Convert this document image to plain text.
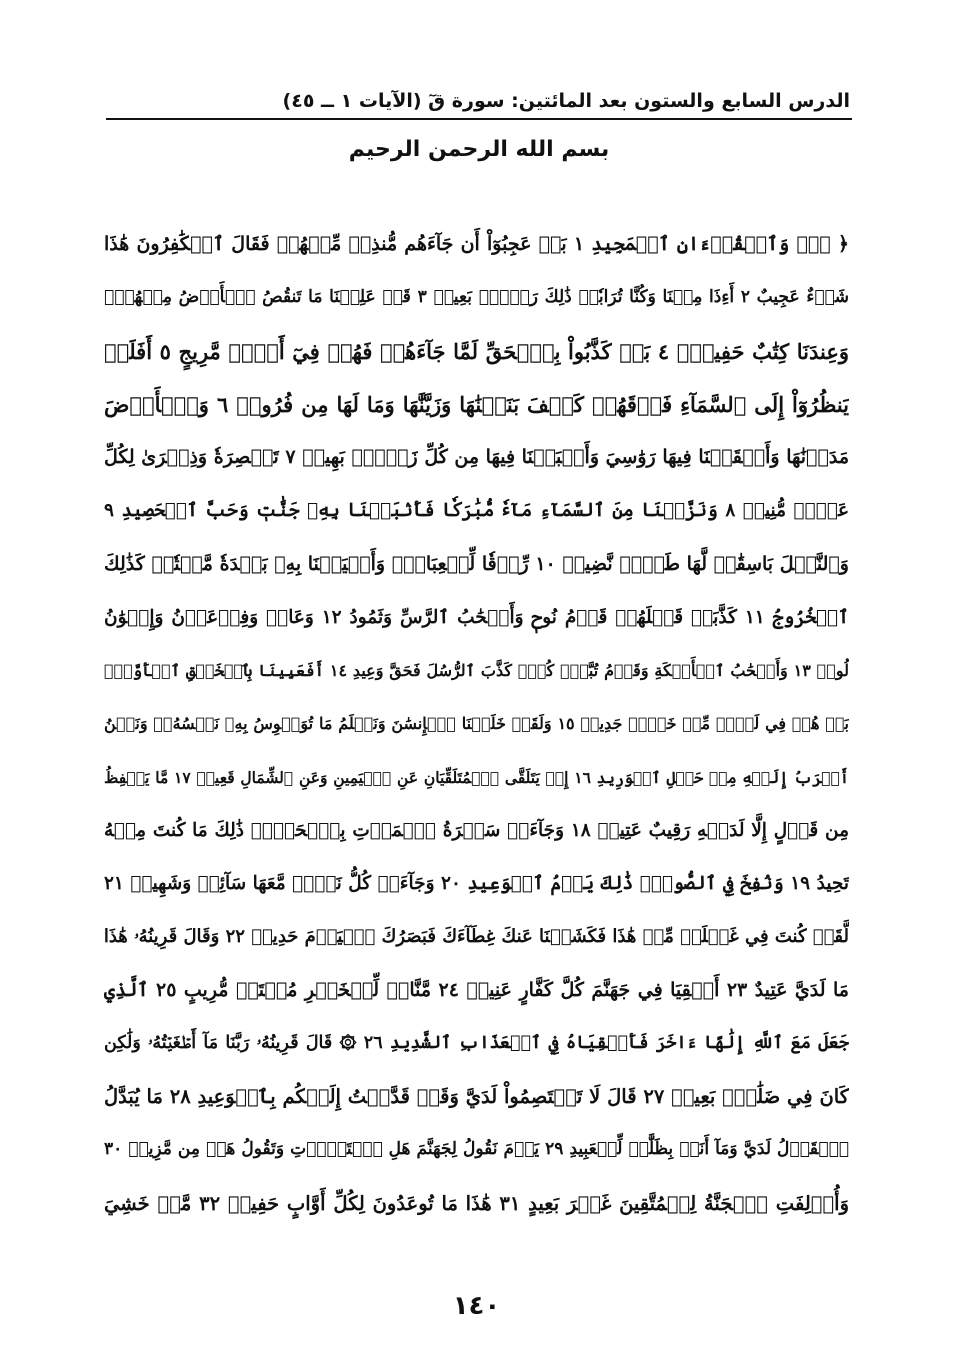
الدرس السابع والستون بعد المائتين: سورة قٓ (الآيات ١ ــ ٤٥)
بسم الله الرحمن الرحيم
﴿ قٓۚ وَٱلۡقُرۡءَانِ ٱلۡمَجِيدِ ١ بَلۡ عَجِبُوٓاْ أَن جَآءَهُم مُّنذِرٞ مِّنۡهُمۡ فَقَالَ ٱلۡكَٰفِرُونَ هَٰذَا
شَيۡءٌ عَجِيبٌ ٢ أَءِذَا مِتۡنَا وَكُنَّا تُرَابٗاۖ ذَٰلِكَ رَجۡعُۢ بَعِيدٞ ٣ قَدۡ عَلِمۡنَا مَا تَنقُصُ ٱلۡأَرۡضُ مِنۡهُمۡۖ
وَعِندَنَا كِتَٰبٌ حَفِيظُۢ ٤ بَلۡ كَذَّبُواْ بِٱلۡحَقِّ لَمَّا جَآءَهُمۡ فَهُمۡ فِيٓ أَمۡرٖ مَّرِيجٍ ٥ أَفَلَمۡ
يَنظُرُوٓاْ إِلَى ٱلسَّمَآءِ فَوۡقَهُمۡ كَيۡفَ بَنَيۡنَٰهَا وَزَيَّنَّٰهَا وَمَا لَهَا مِن فُرُوجٖ ٦ وَٱلۡأَرۡضَ
مَدَدۡنَٰهَا وَأَلۡقَيۡنَا فِيهَا رَوَٰسِيَ وَأَنۢبَتۡنَا فِيهَا مِن كُلِّ زَوۡجِۢ بَهِيجٖ ٧ تَبۡصِرَةٗ وَذِكۡرَىٰ لِكُلِّ
عَبۡدٖ مُّنِيبٖ ٨ وَنَزَّلۡنَا مِنَ ٱلسَّمَآءِ مَآءٗ مُّبَٰرَكٗا فَأَنۢبَتۡنَا بِهِۦ جَنَّٰتٖ وَحَبَّ ٱلۡحَصِيدِ ٩
وَٱلنَّخۡلَ بَاسِقَٰتٖ لَّهَا طَلۡعٞ نَّضِيدٞ ١٠ رِّزۡقٗا لِّلۡعِبَادِۖ وَأَحۡيَيۡنَا بِهِۦ بَلۡدَةٗ مَّيۡتٗاۚ كَذَٰلِكَ
ٱلۡخُرُوجُ ١١ كَذَّبَتۡ قَبۡلَهُمۡ قَوۡمُ نُوحٖ وَأَصۡحَٰبُ ٱلرَّسِّ وَثَمُودُ ١٢ وَعَادٞ وَفِرۡعَوۡنُ وَإِخۡوَٰنُ
لُوطٖ ١٣ وَأَصۡحَٰبُ ٱلۡأَيۡكَةِ وَقَوۡمُ تُبَّعٖۚ كُلّٞ كَذَّبَ ٱلرُّسُلَ فَحَقَّ وَعِيدِ ١٤ أَفَعَيِينَا بِٱلۡخَلۡقِ ٱلۡأَوَّلِۚ
بَلۡ هُمۡ فِي لَبۡسٖ مِّنۡ خَلۡقٖ جَدِيدٖ ١٥ وَلَقَدۡ خَلَقۡنَا ٱلۡإِنسَٰنَ وَنَعۡلَمُ مَا تُوَسۡوِسُ بِهِۦ نَفۡسُهُۥۖ وَنَحۡنُ
أَقۡرَبُ إِلَيۡهِ مِنۡ حَبۡلِ ٱلۡوَرِيدِ ١٦ إِذۡ يَتَلَقَّى ٱلۡمُتَلَقِّيَانِ عَنِ ٱلۡيَمِينِ وَعَنِ ٱلشِّمَالِ قَعِيدٞ ١٧ مَّا يَلۡفِظُ
مِن قَوۡلٍ إِلَّا لَدَيۡهِ رَقِيبٌ عَتِيدٞ ١٨ وَجَآءَتۡ سَكۡرَةُ ٱلۡمَوۡتِ بِٱلۡحَقِّۖ ذَٰلِكَ مَا كُنتَ مِنۡهُ
تَحِيدُ ١٩ وَنُفِخَ فِي ٱلصُّورِۚ ذَٰلِكَ يَوۡمُ ٱلۡوَعِيدِ ٢٠ وَجَآءَتۡ كُلُّ نَفۡسٖ مَّعَهَا سَآئِقٞ وَشَهِيدٞ ٢١
لَّقَدۡ كُنتَ فِي غَفۡلَةٖ مِّنۡ هَٰذَا فَكَشَفۡنَا عَنكَ غِطَآءَكَ فَبَصَرُكَ ٱلۡيَوۡمَ حَدِيدٞ ٢٢ وَقَالَ قَرِينُهُۥ هَٰذَا
مَا لَدَيَّ عَتِيدٌ ٢٣ أَلۡقِيَا فِي جَهَنَّمَ كُلَّ كَفَّارٍ عَنِيدٖ ٢٤ مَّنَّاعٖ لِّلۡخَيۡرِ مُعۡتَدٖ مُّرِيبٍ ٢٥ ٱلَّذِي
جَعَلَ مَعَ ٱللَّهِ إِلَٰهًا ءَاخَرَ فَأَلۡقِيَاهُ فِي ٱلۡعَذَابِ ٱلشَّدِيدِ ٢٦ ۞ قَالَ قَرِينُهُۥ رَبَّنَا مَآ أَطۡغَيۡتُهُۥ وَلَٰكِن
كَانَ فِي ضَلَٰلِۢ بَعِيدٖ ٢٧ قَالَ لَا تَخۡتَصِمُواْ لَدَيَّ وَقَدۡ قَدَّمۡتُ إِلَيۡكُم بِٱلۡوَعِيدِ ٢٨ مَا يُبَدَّلُ
ٱلۡقَوۡلُ لَدَيَّ وَمَآ أَنَا۠ بِظَلَّٰمٖ لِّلۡعَبِيدِ ٢٩ يَوۡمَ نَقُولُ لِجَهَنَّمَ هَلِ ٱمۡتَلَأۡتِ وَتَقُولُ هَلۡ مِن مَّزِيدٖ ٣٠
وَأُزۡلِفَتِ ٱلۡجَنَّةُ لِلۡمُتَّقِينَ غَيۡرَ بَعِيدٍ ٣١ هَٰذَا مَا تُوعَدُونَ لِكُلِّ أَوَّابٍ حَفِيظٖ ٣٢ مَّنۡ خَشِيَ
١٤٠
